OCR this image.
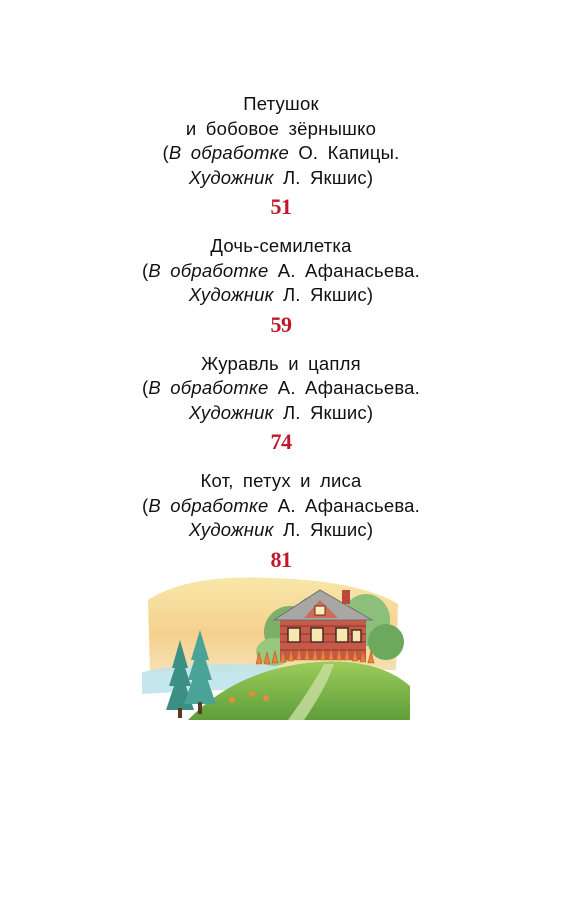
Петушок
и бобовое зёрнышко
(В обработке О. Капицы.
Художник Л. Якшис)
51
Дочь-семилетка
(В обработке А. Афанасьева.
Художник Л. Якшис)
59
Журавль и цапля
(В обработке А. Афанасьева.
Художник Л. Якшис)
74
Кот, петух и лиса
(В обработке А. Афанасьева.
Художник Л. Якшис)
81
